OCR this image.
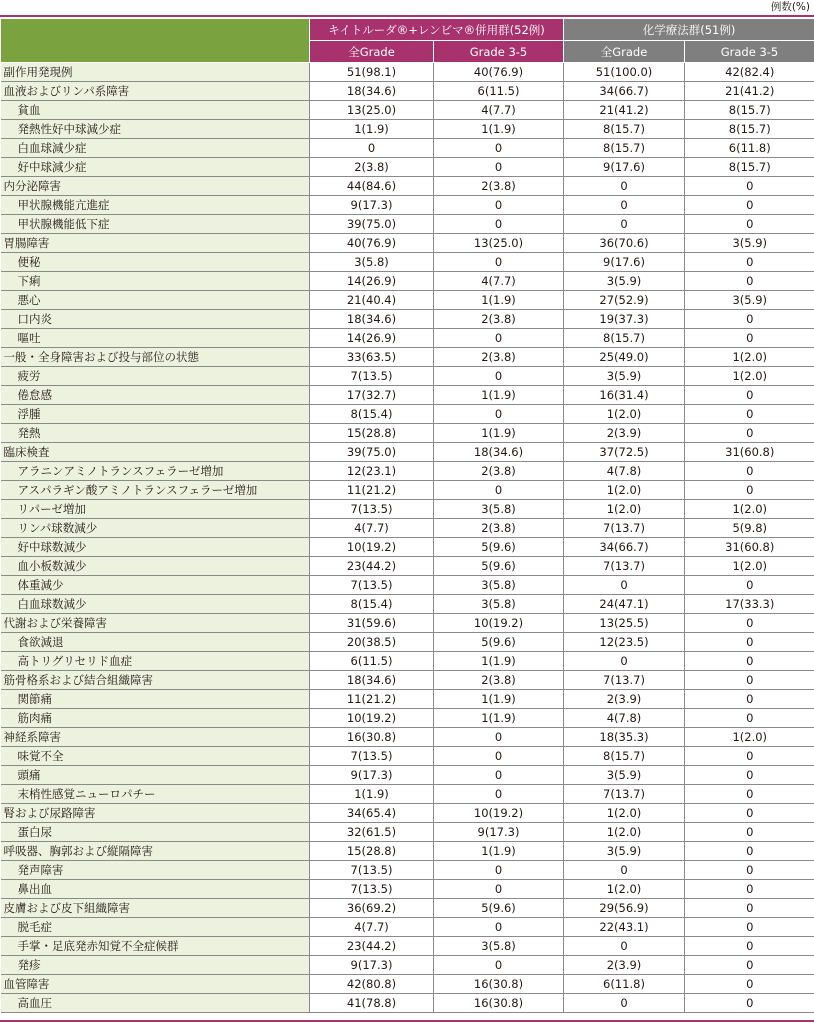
例数(%)
	キイトルーダ®+レンビマ®併用群(52例)		化学療法群(51例)	
	全Grade	Grade 3-5	全Grade	Grade 3-5
副作用発現例	51(98.1)	40(76.9)	51(100.0)	42(82.4)
血液およびリンパ系障害	18(34.6)	6(11.5)	34(66.7)	21(41.2)
貧血	13(25.0)	4(7.7)	21(41.2)	8(15.7)
発熱性好中球減少症	1(1.9)	1(1.9)	8(15.7)	8(15.7)
白血球減少症	0	0	8(15.7)	6(11.8)
好中球減少症	2(3.8)	0	9(17.6)	8(15.7)
内分泌障害	44(84.6)	2(3.8)	0	0
甲状腺機能亢進症	9(17.3)	0	0	0
甲状腺機能低下症	39(75.0)	0	0	0
胃腸障害	40(76.9)	13(25.0)	36(70.6)	3(5.9)
便秘	3(5.8)	0	9(17.6)	0
下痢	14(26.9)	4(7.7)	3(5.9)	0
悪心	21(40.4)	1(1.9)	27(52.9)	3(5.9)
口内炎	18(34.6)	2(3.8)	19(37.3)	0
嘔吐	14(26.9)	0	8(15.7)	0
一般・全身障害および投与部位の状態	33(63.5)	2(3.8)	25(49.0)	1(2.0)
疲労	7(13.5)	0	3(5.9)	1(2.0)
倦怠感	17(32.7)	1(1.9)	16(31.4)	0
浮腫	8(15.4)	0	1(2.0)	0
発熱	15(28.8)	1(1.9)	2(3.9)	0
臨床検査	39(75.0)	18(34.6)	37(72.5)	31(60.8)
アラニンアミノトランスフェラーゼ増加	12(23.1)	2(3.8)	4(7.8)	0
アスパラギン酸アミノトランスフェラーゼ増加	11(21.2)	0	1(2.0)	0
リパーゼ増加	7(13.5)	3(5.8)	1(2.0)	1(2.0)
リンパ球数減少	4(7.7)	2(3.8)	7(13.7)	5(9.8)
好中球数減少	10(19.2)	5(9.6)	34(66.7)	31(60.8)
血小板数減少	23(44.2)	5(9.6)	7(13.7)	1(2.0)
体重減少	7(13.5)	3(5.8)	0	0
白血球数減少	8(15.4)	3(5.8)	24(47.1)	17(33.3)
代謝および栄養障害	31(59.6)	10(19.2)	13(25.5)	0
食欲減退	20(38.5)	5(9.6)	12(23.5)	0
高トリグリセリド血症	6(11.5)	1(1.9)	0	0
筋骨格系および結合組織障害	18(34.6)	2(3.8)	7(13.7)	0
関節痛	11(21.2)	1(1.9)	2(3.9)	0
筋肉痛	10(19.2)	1(1.9)	4(7.8)	0
神経系障害	16(30.8)	0	18(35.3)	1(2.0)
味覚不全	7(13.5)	0	8(15.7)	0
頭痛	9(17.3)	0	3(5.9)	0
末梢性感覚ニューロパチー	1(1.9)	0	7(13.7)	0
腎および尿路障害	34(65.4)	10(19.2)	1(2.0)	0
蛋白尿	32(61.5)	9(17.3)	1(2.0)	0
呼吸器、胸郭および縦隔障害	15(28.8)	1(1.9)	3(5.9)	0
発声障害	7(13.5)	0	0	0
鼻出血	7(13.5)	0	1(2.0)	0
皮膚および皮下組織障害	36(69.2)	5(9.6)	29(56.9)	0
脱毛症	4(7.7)	0	22(43.1)	0
手掌・足底発赤知覚不全症候群	23(44.2)	3(5.8)	0	0
発疹	9(17.3)	0	2(3.9)	0
血管障害	42(80.8)	16(30.8)	6(11.8)	0
高血圧	41(78.8)	16(30.8)	0	0
